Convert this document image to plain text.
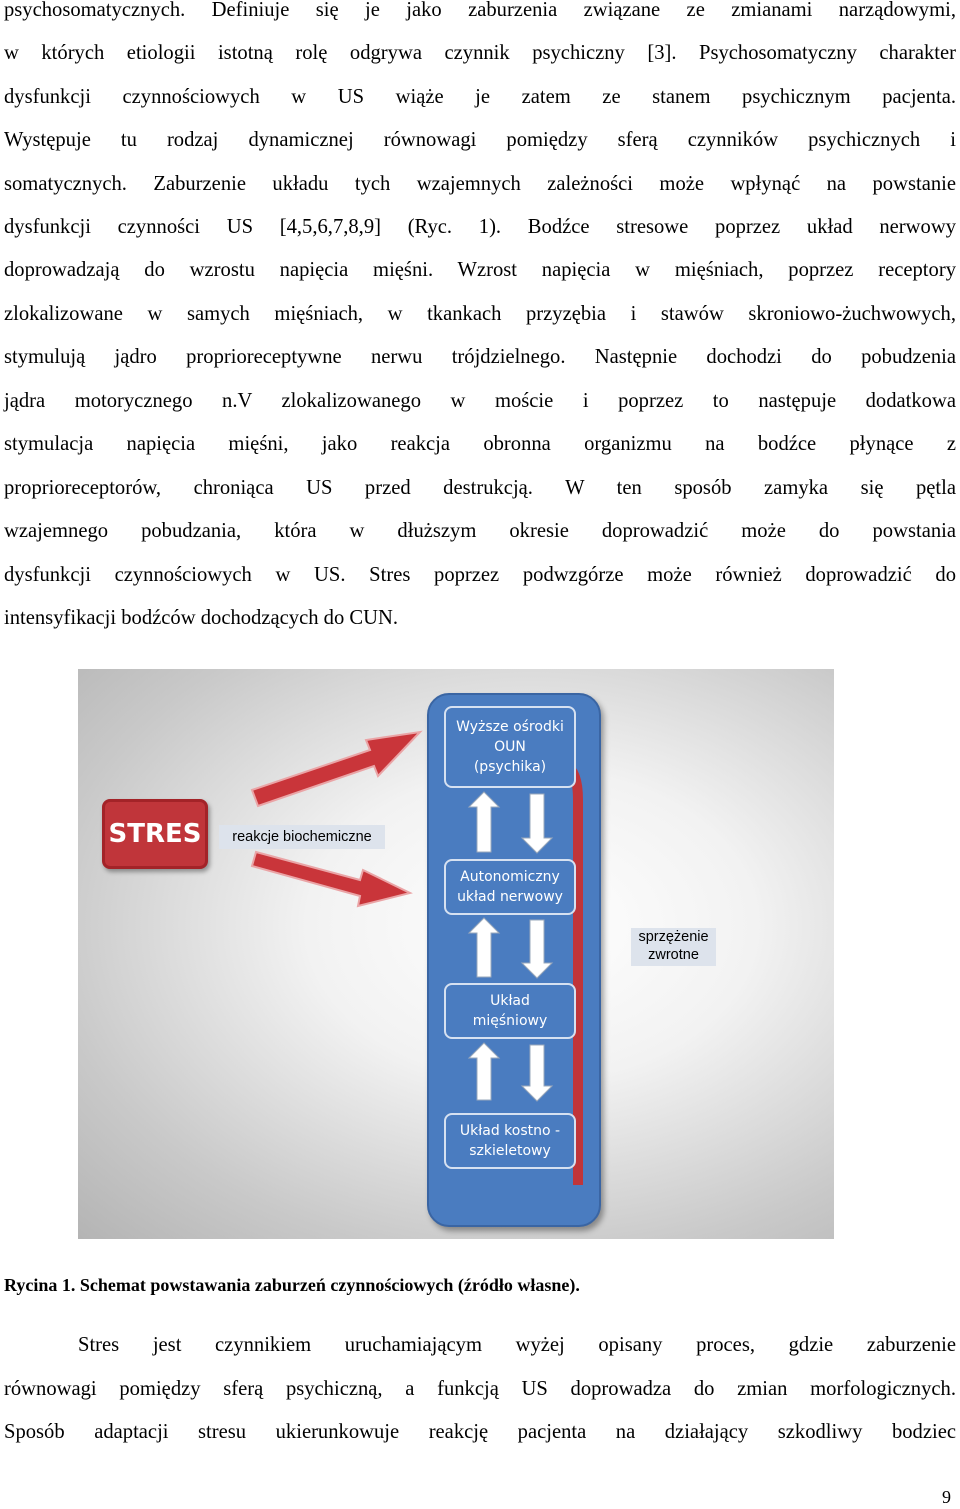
psychosomatycznych. Definiuje się je jako zaburzenia związane ze zmianami narządowymi,
w których etiologii istotną rolę odgrywa czynnik psychiczny [3]. Psychosomatyczny charakter
dysfunkcji czynnościowych w US wiąże je zatem ze stanem psychicznym pacjenta.
Występuje tu rodzaj dynamicznej równowagi pomiędzy sferą czynników psychicznych i
somatycznych. Zaburzenie układu tych wzajemnych zależności może wpłynąć na powstanie
dysfunkcji czynności US [4,5,6,7,8,9] (Ryc. 1). Bodźce stresowe poprzez układ nerwowy
doprowadzają do wzrostu napięcia mięśni. Wzrost napięcia w mięśniach, poprzez receptory
zlokalizowane w samych mięśniach, w tkankach przyzębia i stawów skroniowo-żuchwowych,
stymulują jądro proprioreceptywne nerwu trójdzielnego. Następnie dochodzi do pobudzenia
jądra motorycznego n.V zlokalizowanego w moście i poprzez to następuje dodatkowa
stymulacja napięcia mięśni, jako reakcja obronna organizmu na bodźce płynące z
proprioreceptorów, chroniąca US przed destrukcją. W ten sposób zamyka się pętla
wzajemnego pobudzania, która w dłuższym okresie doprowadzić może do powstania
dysfunkcji czynnościowych w US. Stres poprzez podwzgórze może również doprowadzić do
intensyfikacji bodźców dochodzących do CUN.
Wyższe ośrodki
OUN
(psychika)
Autonomiczny
układ nerwowy
Układ
mięśniowy
Układ kostno -
szkieletowy
STRES	reakcje biochemiczne
sprzężenie
zwrotne
Rycina 1. Schemat powstawania zaburzeń czynnościowych (źródło własne).
Stres jest czynnikiem uruchamiającym wyżej opisany proces, gdzie zaburzenie
równowagi pomiędzy sferą psychiczną, a funkcją US doprowadza do zmian morfologicznych.
Sposób adaptacji stresu ukierunkowuje reakcję pacjenta na działający szkodliwy bodziec
9
